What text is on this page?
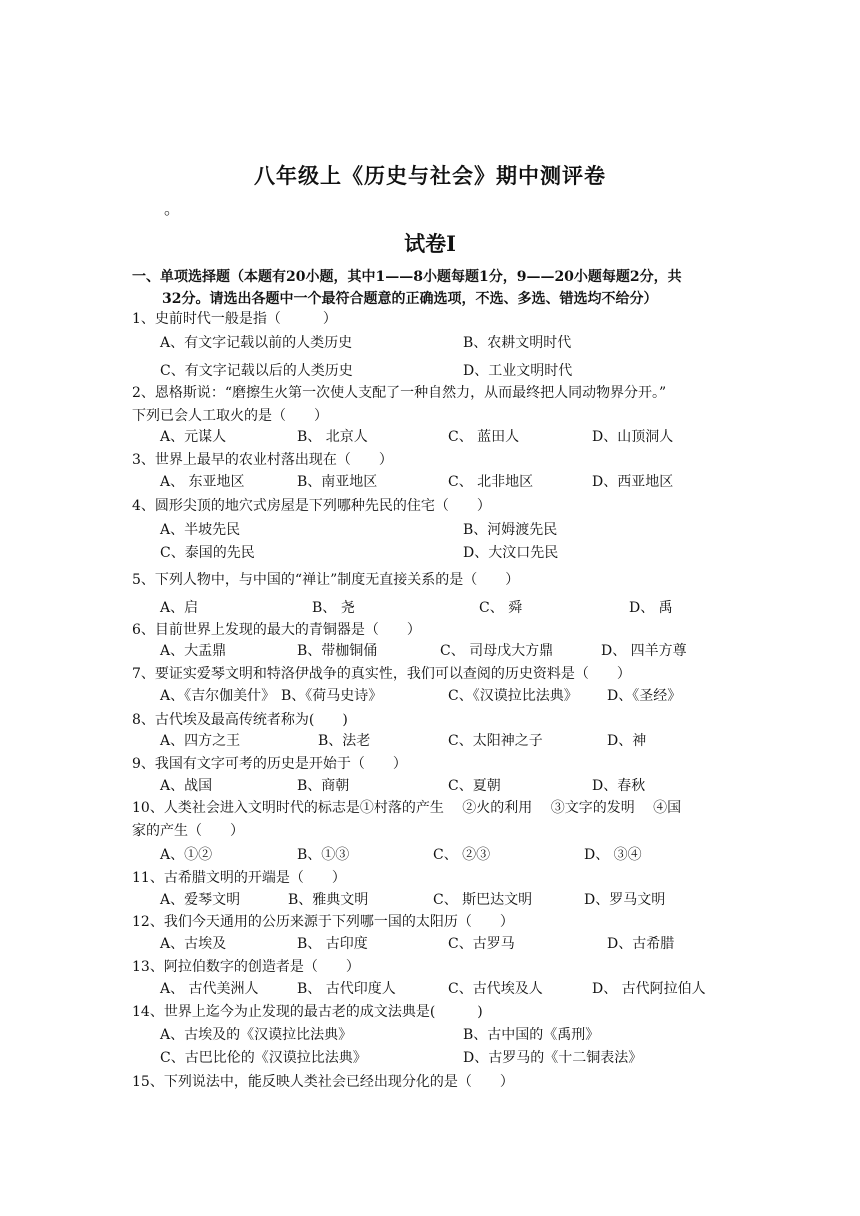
八年级上《历史与社会》期中测评卷
。
试卷Ⅰ
一、单项选择题（本题有20小题，其中1——8小题每题1分，9——20小题每题2分，共
32分。请选出各题中一个最符合题意的正确选项，不选、多选、错选均不给分）
1、史前时代一般是指（　　　）
A、有文字记载以前的人类历史	B、农耕文明时代
C、有文字记载以后的人类历史	D、工业文明时代
2、恩格斯说：“磨擦生火第一次使人支配了一种自然力，从而最终把人同动物界分开。”
下列已会人工取火的是（　　）
A、元谋人	B、 北京人	C、 蓝田人	D、山顶洞人
3、世界上最早的农业村落出现在（　　）
A、 东亚地区	B、南亚地区	C、 北非地区	D、西亚地区
4、圆形尖顶的地穴式房屋是下列哪种先民的住宅（　　）
A、半坡先民	B、河姆渡先民
C、泰国的先民	D、大汶口先民
5、下列人物中，与中国的“禅让”制度无直接关系的是（　　）
A、启	B、 尧	C、 舜	D、 禹
6、目前世界上发现的最大的青铜器是（　　）
A、大盂鼎	B、带枷铜俑	C、 司母戊大方鼎	D、 四羊方尊
7、要证实爱琴文明和特洛伊战争的真实性，我们可以查阅的历史资料是（　　）
A、《吉尔伽美什》 B、《荷马史诗》	C、《汉谟拉比法典》 D、《圣经》
8、古代埃及最高传统者称为(　　)
A、四方之王	B、法老	C、太阳神之子	D、神
9、我国有文字可考的历史是开始于（　　）
A、战国	B、商朝	C、夏朝	D、春秋
10、人类社会进入文明时代的标志是①村落的产生　 ②火的利用　 ③文字的发明　 ④国
家的产生（　　）
A、①②	B、①③	C、 ②③	D、 ③④
11、古希腊文明的开端是（　　）
A、爱琴文明	B、雅典文明	C、 斯巴达文明	D、罗马文明
12、我们今天通用的公历来源于下列哪一国的太阳历（　　）
A、古埃及	B、 古印度	C、古罗马	D、古希腊
13、阿拉伯数字的创造者是（　　）
A、 古代美洲人	B、 古代印度人	C、古代埃及人	D、 古代阿拉伯人
14、世界上迄今为止发现的最古老的成文法典是(　　　)
A、古埃及的《汉谟拉比法典》	B、古中国的《禹刑》
C、古巴比伦的《汉谟拉比法典》	D、古罗马的《十二铜表法》
15、下列说法中，能反映人类社会已经出现分化的是（　　）
